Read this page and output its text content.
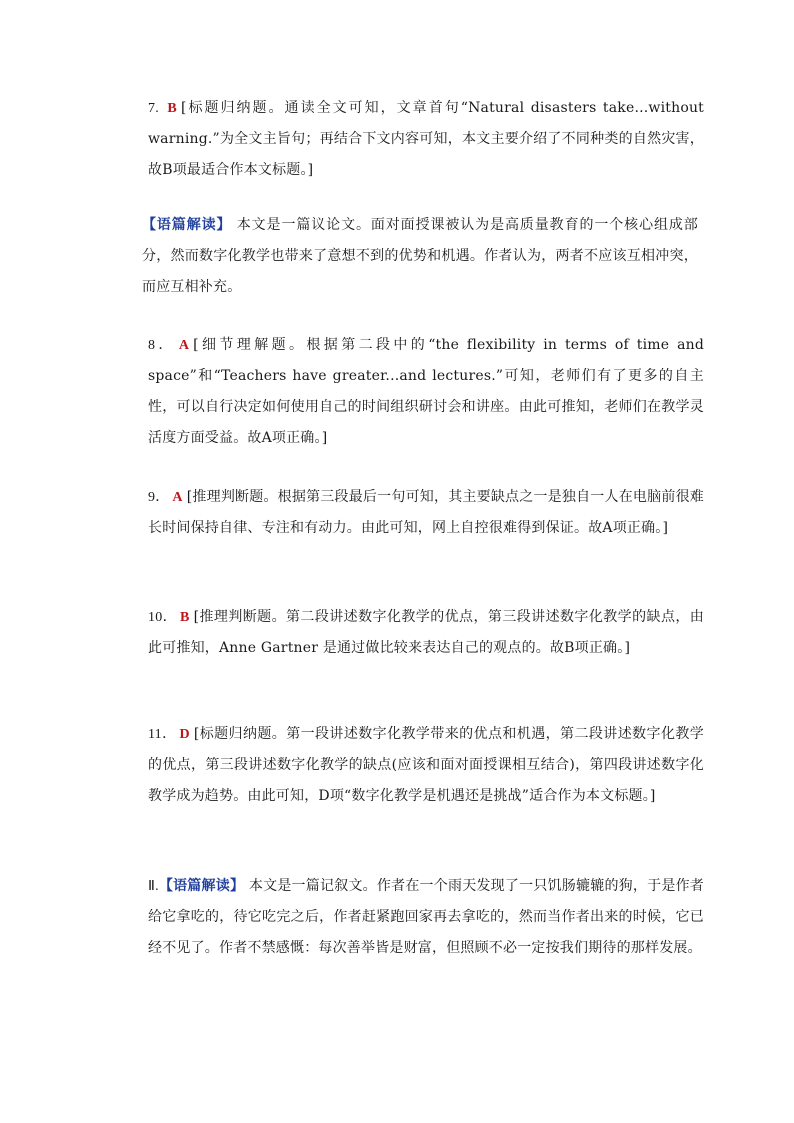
7. B [标题归纳题。通读全文可知，文章首句“Natural disasters take...without warning.”为全文主旨句；再结合下文内容可知，本文主要介绍了不同种类的自然灾害，故B项最适合作本文标题。]
【语篇解读】 本文是一篇议论文。面对面授课被认为是高质量教育的一个核心组成部分，然而数字化教学也带来了意想不到的优势和机遇。作者认为，两者不应该互相冲突，而应互相补充。
8． A [细节理解题。根据第二段中的“the flexibility in terms of time and space”和“Teachers have greater...and lectures.”可知，老师们有了更多的自主性，可以自行决定如何使用自己的时间组织研讨会和讲座。由此可推知，老师们在教学灵活度方面受益。故A项正确。]
9． A [推理判断题。根据第三段最后一句可知，其主要缺点之一是独自一人在电脑前很难长时间保持自律、专注和有动力。由此可知，网上自控很难得到保证。故A项正确。]
10． B [推理判断题。第二段讲述数字化教学的优点，第三段讲述数字化教学的缺点，由此可推知，Anne Gartner 是通过做比较来表达自己的观点的。故B项正确。]
11． D [标题归纳题。第一段讲述数字化教学带来的优点和机遇，第二段讲述数字化教学的优点，第三段讲述数字化教学的缺点(应该和面对面授课相互结合)，第四段讲述数字化教学成为趋势。由此可知，D项“数字化教学是机遇还是挑战”适合作为本文标题。]
Ⅱ.【语篇解读】 本文是一篇记叙文。作者在一个雨天发现了一只饥肠辘辘的狗，于是作者给它拿吃的，待它吃完之后，作者赶紧跑回家再去拿吃的，然而当作者出来的时候，它已经不见了。作者不禁感慨：每次善举皆是财富，但照顾不必一定按我们期待的那样发展。
